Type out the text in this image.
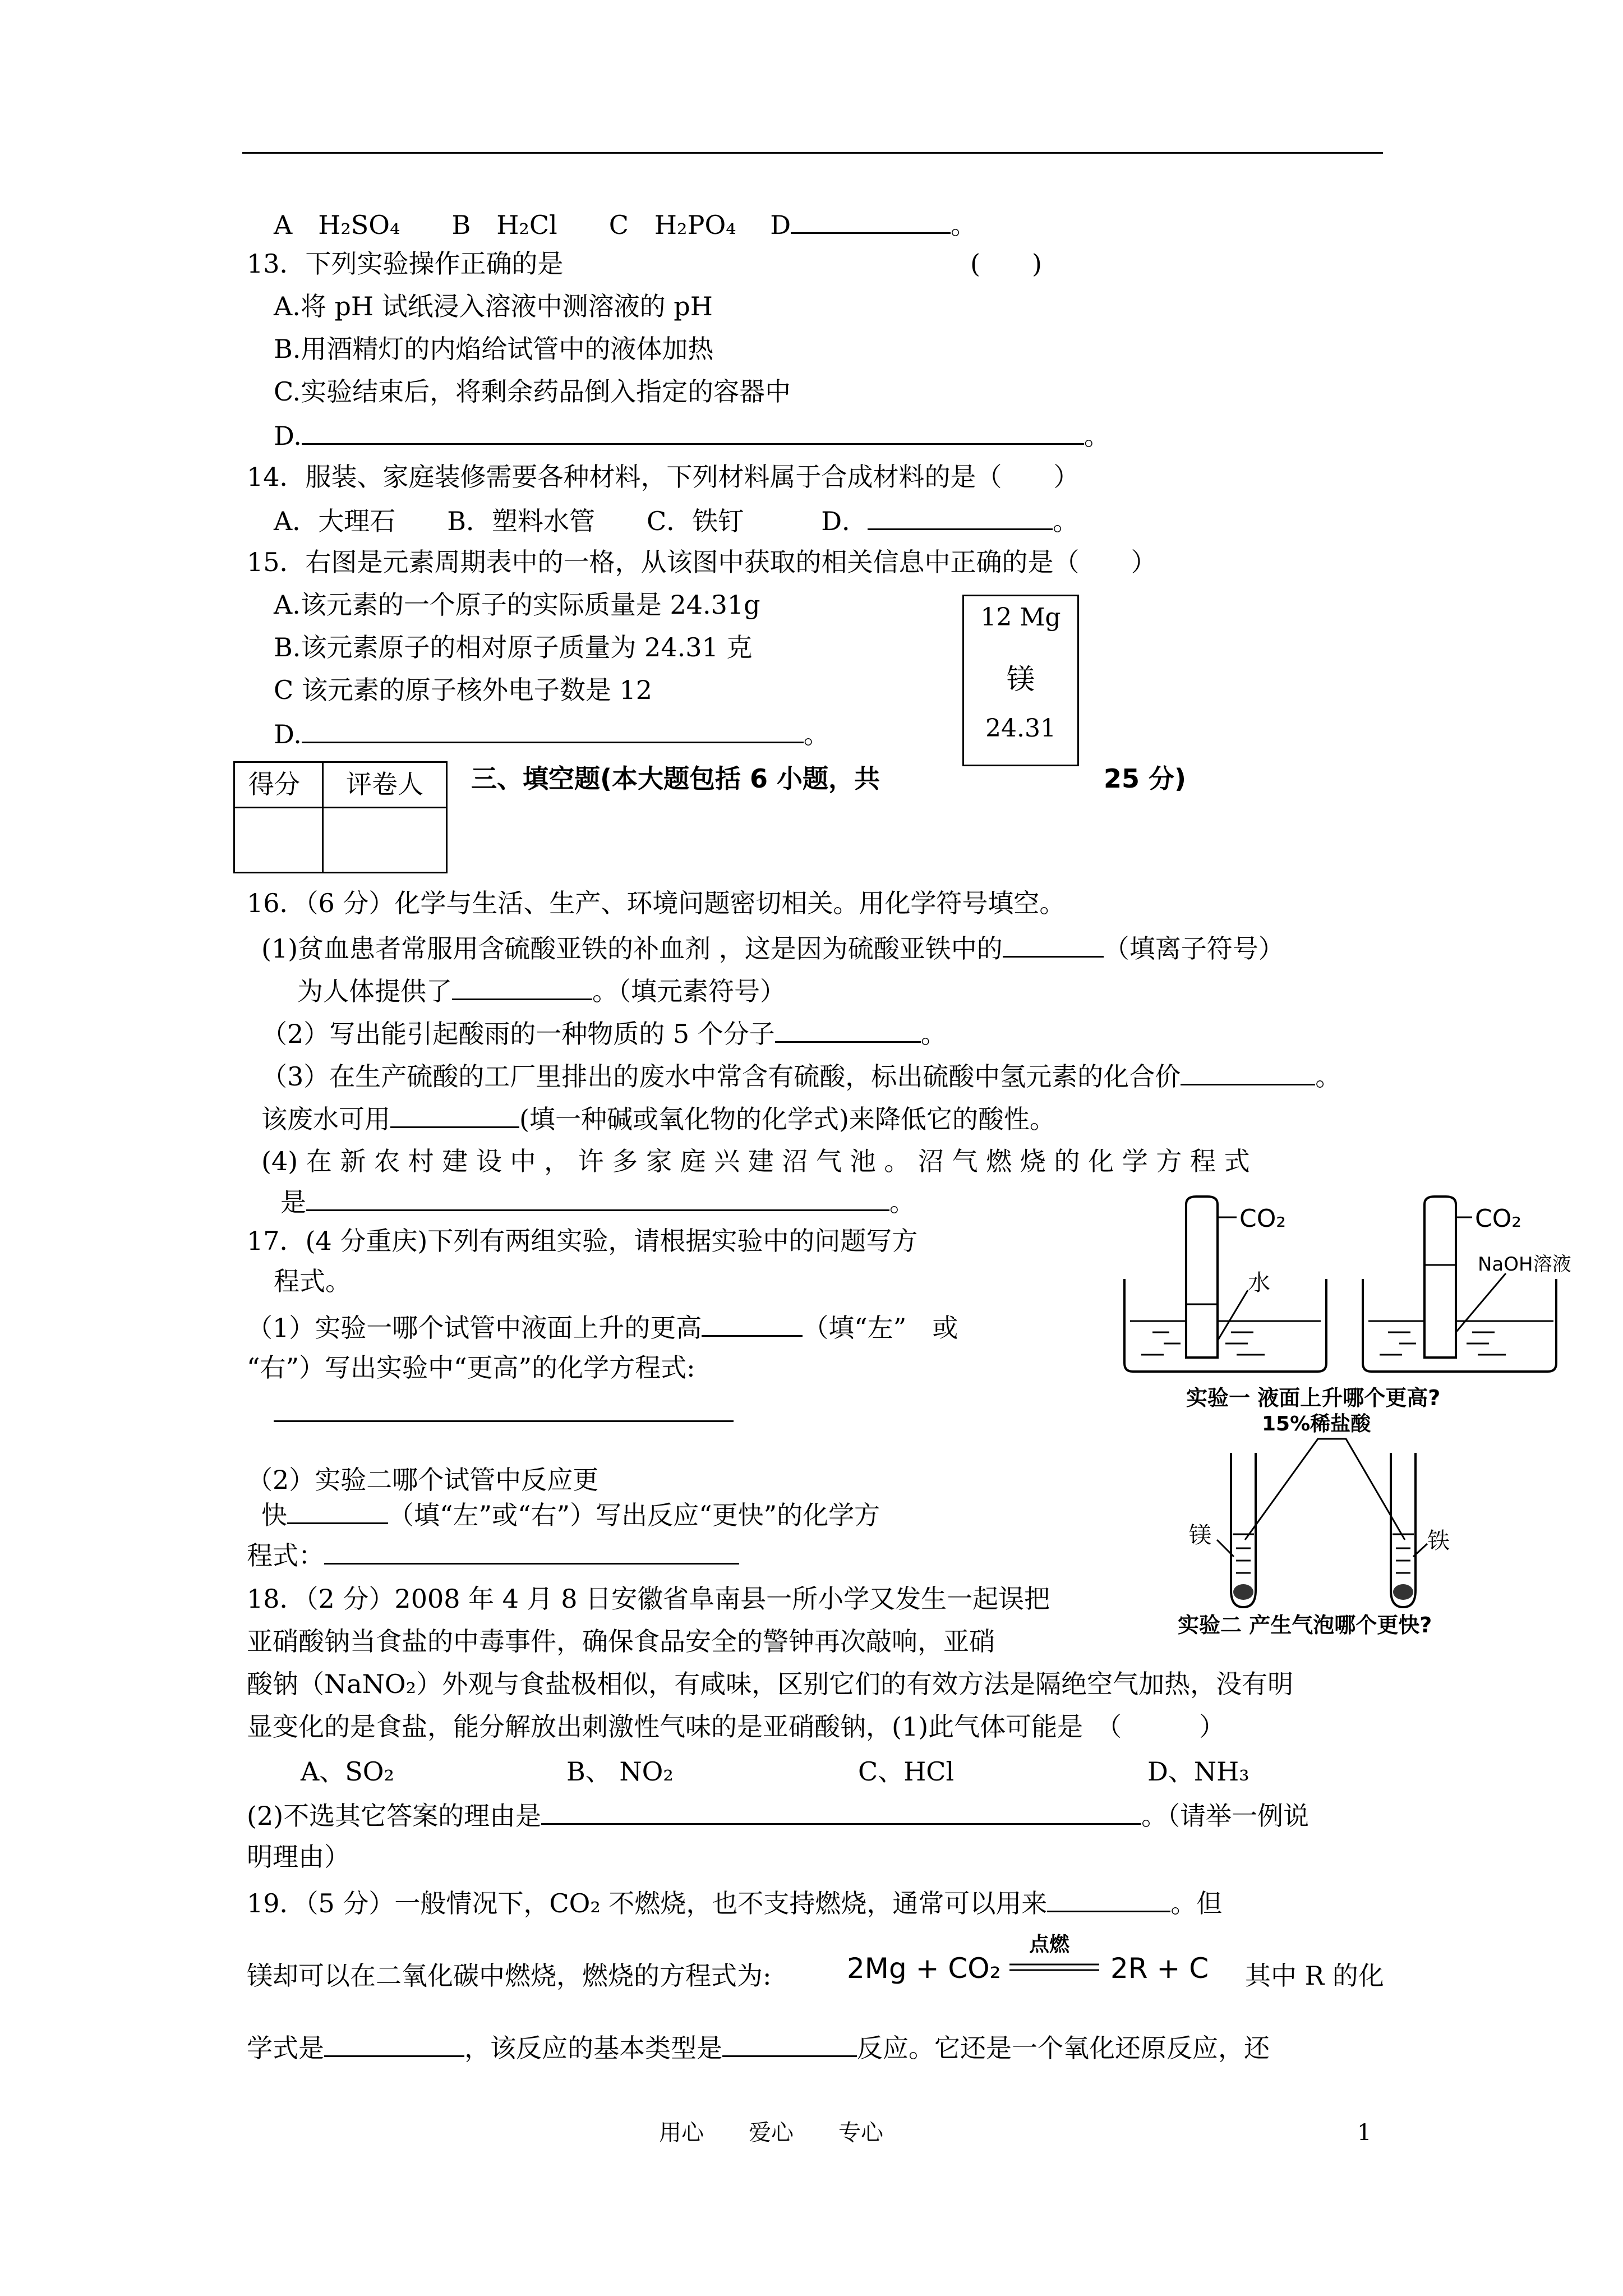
A　H₂SO₄　　 B　H₂Cl　　 C　H₂PO₄　 D	。
13．下列实验操作正确的是	(　　)
A.将 pH 试纸浸入溶液中测溶液的 pH
B.用酒精灯的内焰给试管中的液体加热
C.实验结束后，将剩余药品倒入指定的容器中
D.	。
14．服装、家庭装修需要各种材料，下列材料属于合成材料的是（　　）
A．大理石　　 B．塑料水管　　 C．铁钉　　　	D．	。
15．右图是元素周期表中的一格，从该图中获取的相关信息中正确的是（　　）
A.该元素的一个原子的实际质量是 24.31g
B.该元素原子的相对原子质量为 24.31 克
C 该元素的原子核外电子数是 12
D.	。
12 Mg
镁
24.31
得分 评卷人 三、填空题(本大题包括 6 小题，共	25 分)
16．（6 分）化学与生活、生产、环境问题密切相关。用化学符号填空。
(1)贫血患者常服用含硫酸亚铁的补血剂 ，这是因为硫酸亚铁中的	（填离子符号）
为人体提供了	。（填元素符号）
（2）写出能引起酸雨的一种物质的 5 个分子	。
（3）在生产硫酸的工厂里排出的废水中常含有硫酸，标出硫酸中氢元素的化合价	。
该废水可用	(填一种碱或氧化物的化学式)来降低它的酸性。
(4) 在 新 农 村 建 设 中 ， 许 多 家 庭 兴 建 沼 气 池 。 沼 气 燃 烧 的 化 学 方 程 式
是	。
17．(4 分重庆)下列有两组实验，请根据实验中的问题写方
程式。
（1）实验一哪个试管中液面上升的更高	（填“左”　或
“右”）写出实验中“更高”的化学方程式:
（2）实验二哪个试管中反应更
快	（填“左”或“右”）写出反应“更快”的化学方
程式：
CO₂
水
CO₂
NaOH溶液
实验一 液面上升哪个更高?
15%稀盐酸
镁	铁
实验二 产生气泡哪个更快?
18．（2 分）2008 年 4 月 8 日安徽省阜南县一所小学又发生一起误把
亚硝酸钠当食盐的中毒事件，确保食品安全的警钟再次敲响，亚硝
酸钠（NaNO₂）外观与食盐极相似，有咸味，区别它们的有效方法是隔绝空气加热，没有明
显变化的是食盐，能分解放出刺激性气味的是亚硝酸钠，(1)此气体可能是　（　　　）
A、SO₂	B、 NO₂	C、HCl	D、NH₃
(2)不选其它答案的理由是	。（请举一例说
明理由）
19．（5 分）一般情况下，CO₂ 不燃烧，也不支持燃烧，通常可以用来	。但
镁却可以在二氧化碳中燃烧，燃烧的方程式为:	2Mg + CO₂
点燃
2R + C 其中 R 的化
学式是	，该反应的基本类型是	反应。它还是一个氧化还原反应，还
用心　　爱心　　专心	1
